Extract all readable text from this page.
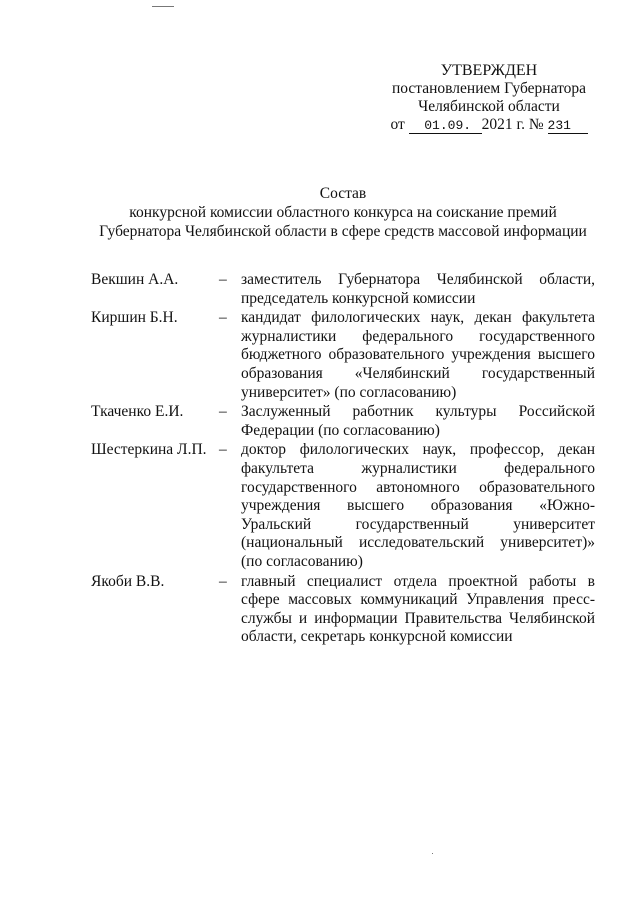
УТВЕРЖДЕН
постановлением Губернатора
Челябинской области
от 01.09. 2021 г. № 231
Состав
конкурсной комиссии областного конкурса на соискание премий
Губернатора Челябинской области в сфере средств массовой информации
Векшин А.А.	– заместитель Губернатора Челябинской области, председатель конкурсной комиссии
Киршин Б.Н.	– кандидат филологических наук, декан факультета журналистики федерального государственного бюджетного образовательного учреждения высшего образования «Челябинский государственный университет» (по согласованию)
Ткаченко Е.И.	– Заслуженный работник культуры Российской Федерации (по согласованию)
Шестеркина Л.П. – доктор филологических наук, профессор, декан факультета журналистики федерального государственного автономного образовательного учреждения высшего образования «Южно-Уральский государственный университет (национальный исследовательский университет)» (по согласованию)
Якоби В.В.	– главный специалист отдела проектной работы в сфере массовых коммуникаций Управления пресс-службы и информации Правительства Челябинской области, секретарь конкурсной комиссии
